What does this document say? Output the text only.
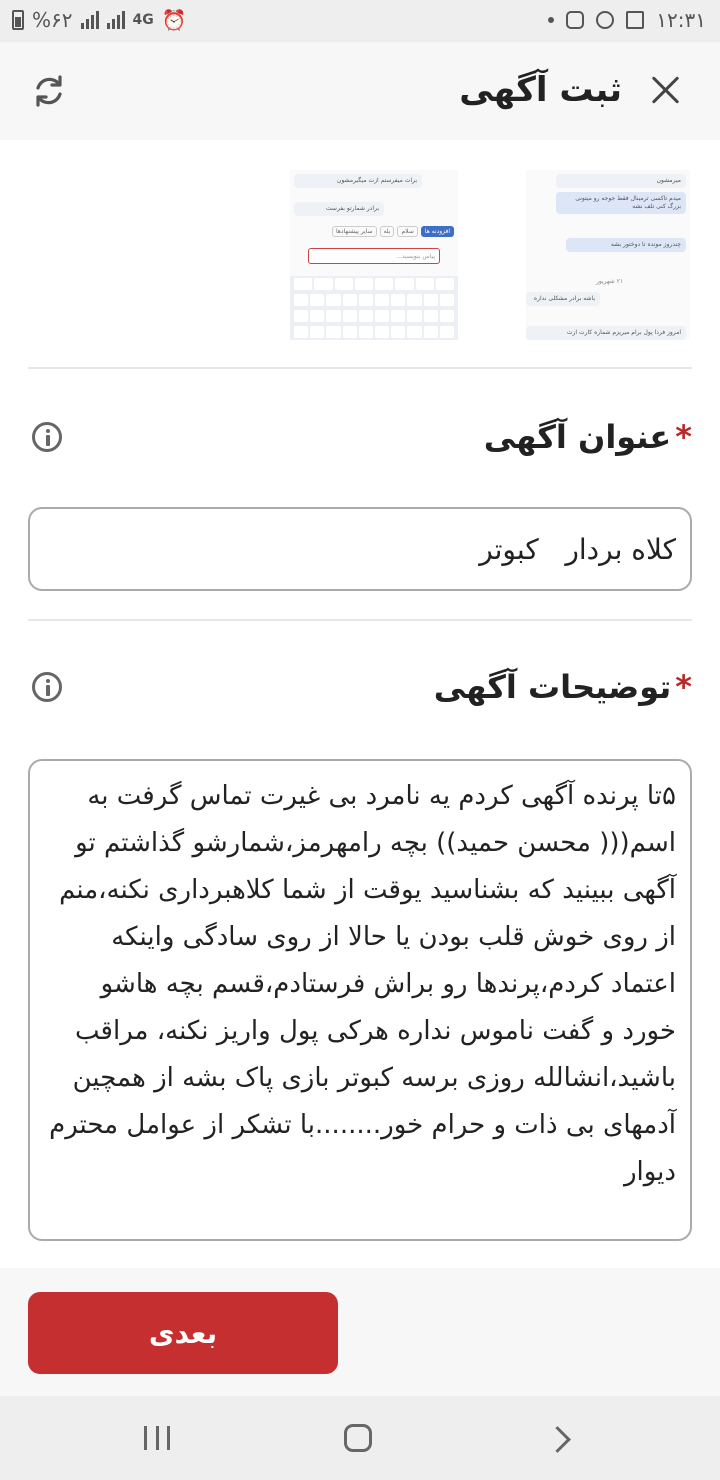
%۶۲	4G ⏰	۱۲:۳۱
ثبت آگهی
میرمشون
میدم تاکسی ترمینال فقط جوجه رو میتونی بزرگ کنی تلف نشه
چندروز مونده تا دوختور بشه
۲۱ شهریور
باشه برادر مشکلی نداره
امروز فردا پول برام میریزم شماره کارت ازت
برات میفرستم ازت میگیرمشون
برادر شمارتو بفرست
افزودنه ها
سلام
بله
سایر پیشنهادها
پیاس بنویسید...
*عنوان آگهی
کلاه بردار کبوتر
*توضیحات آگهی
۵تا پرنده آگهی کردم یه نامرد بی غیرت تماس گرفت به اسم((( محسن حمید)) بچه رامهرمز،شمارشو گذاشتم تو آگهی ببینید که بشناسید یوقت از شما کلاهبرداری نکنه،منم از روی خوش قلب بودن یا حالا از روی سادگی واینکه اعتماد کردم،پرندها رو براش فرستادم،قسم بچه هاشو خورد و گفت ناموس نداره هرکی پول واریز نکنه، مراقب باشید،انشالله روزی برسه کبوتر بازی پاک بشه از همچین آدمهای بی ذات و حرام خور........با تشکر از عوامل محترم دیوار
بعدی
